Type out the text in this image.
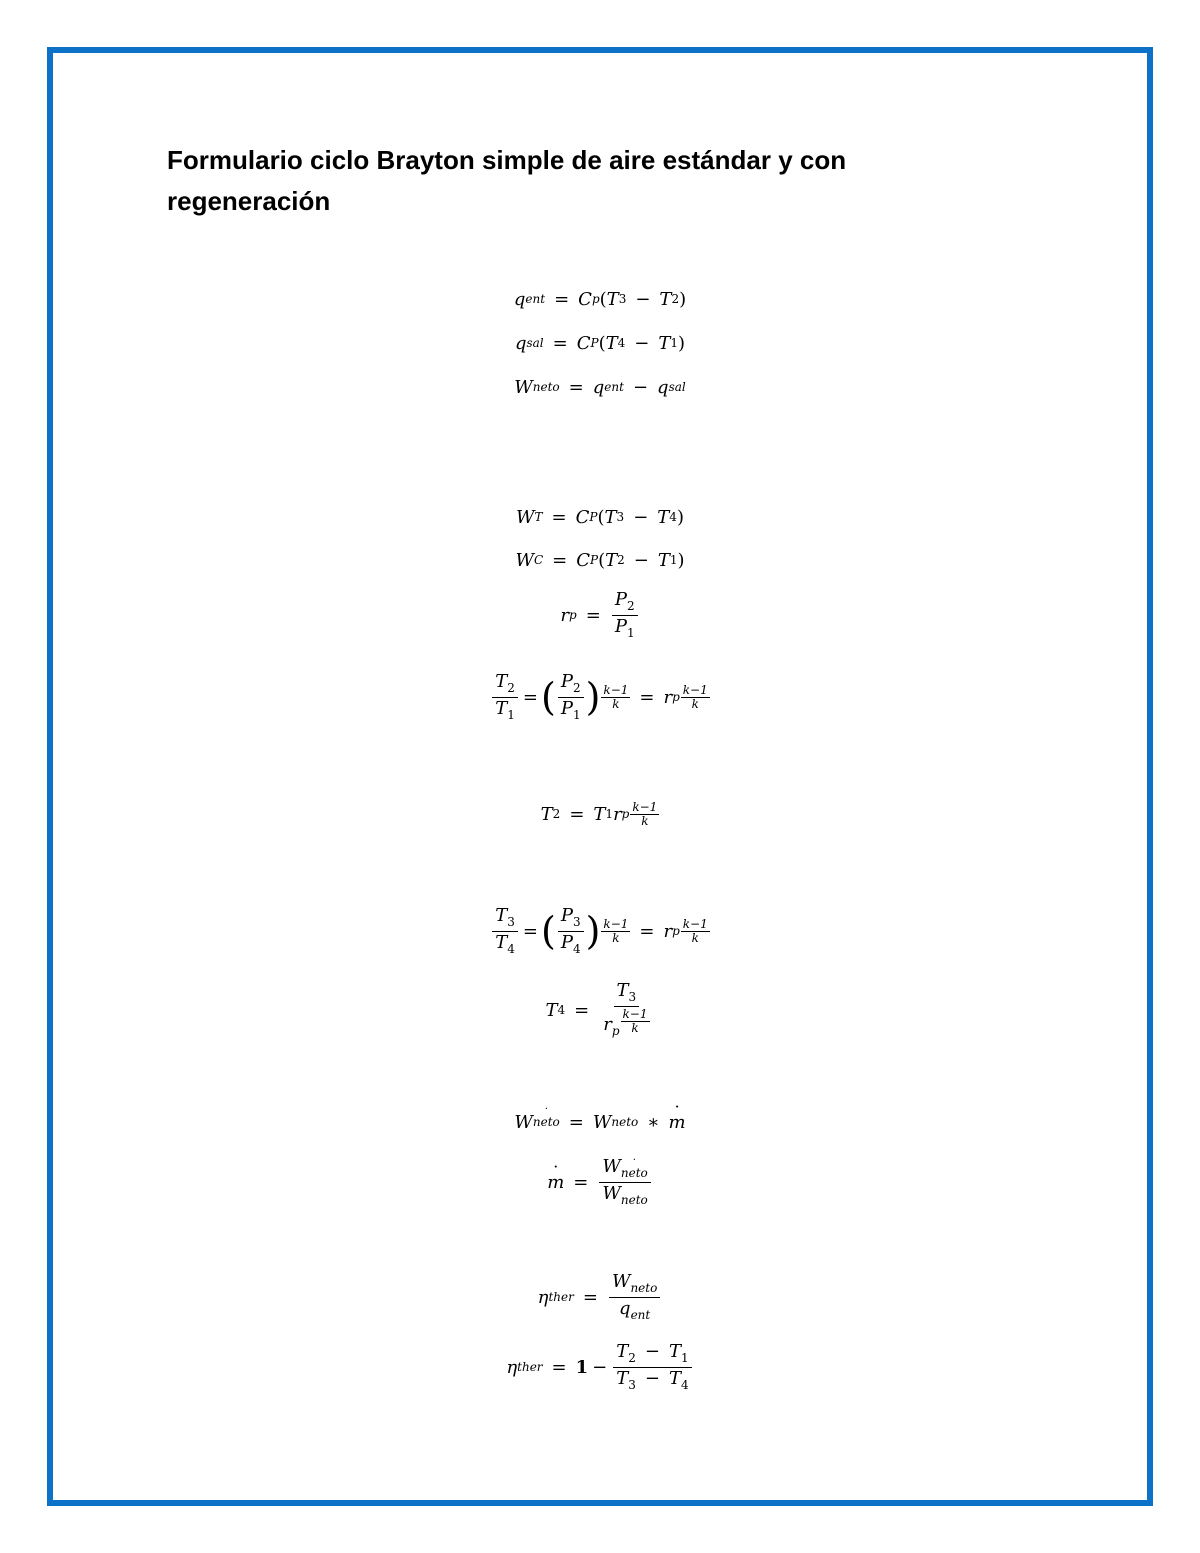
Formulario ciclo Brayton simple de aire estándar y con regeneración
q ent = C p ( T 3 − T 2 )
q sal = C P ( T 4 − T 1 )
W neto = q ent − q sal
W T = C P ( T 3 − T 4 )
W C = C P ( T 2 − T 1 )
r $p = \frac{P_2}{P_1}$
$\frac{T_2}{T_1}$ = ( $\frac{P_2}{P_1}$ ) $\frac{k-1}{k} = r$ p $\frac{k-1}{k}$
T 2 = T 1 r p $\frac{k-1}{k}$
$\frac{T_3}{T_4}$ = ( $\frac{P_3}{P_4}$ ) $\frac{k-1}{k} = r$ p $\frac{k-1}{k}$
T $4 = \frac{T_3}{r_p \frac{k-1}{k}}$
W neto ˙ = W neto ∗ m ˙
m ˙ = $\frac{\text{Wneto ˙}}{W_{neto}}$
η ther = $\frac{W_{neto}}{q_{ent}}$
η ther = $1 - \frac{T_2 - T_1}{T_3 - T_4}$
